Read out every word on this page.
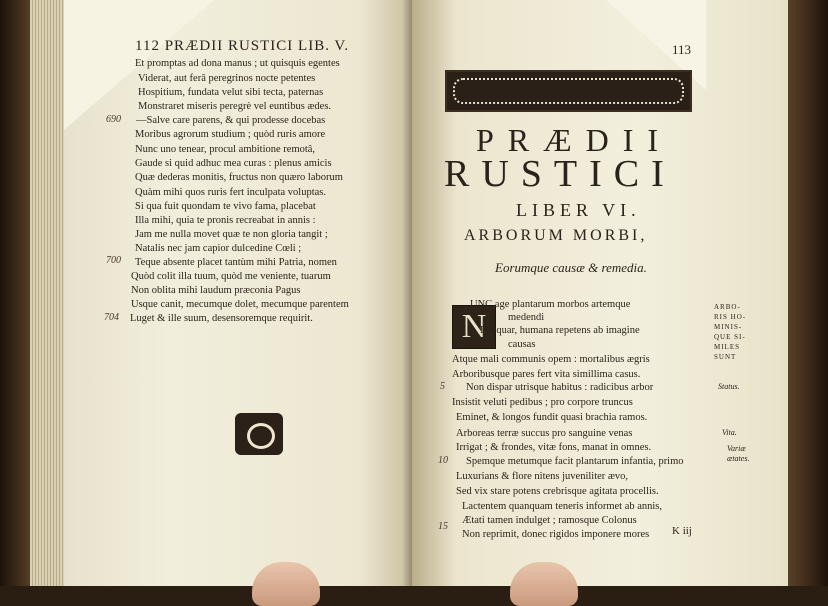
112 PRÆDII RUSTICI LIB. V.
Et promptas ad dona manus ; ut quisquis egentes
Viderat, aut ferâ peregrinos nocte petentes
Hospitium, fundata velut sibi tecta, paternas
Monstraret miseris peregrè vel euntibus ædes.
—Salve care parens, & qui prodesse docebas
Moribus agrorum studium ; quòd ruris amore
Nunc uno tenear, procul ambitione remotâ,
Gaude si quid adhuc mea curas : plenus amicis
Quæ dederas monitis, fructus non quæro laborum
Quàm mihi quos ruris fert inculpata voluptas.
Si qua fuit quondam te vivo fama, placebat
Illa mihi, quia te pronis recreabat in annis :
Jam me nulla movet quæ te non gloria tangit ;
Natalis nec jam capior dulcedine Cœli ;
Teque absente placet tantùm mihi Patria, nomen
Quòd colit illa tuum, quòd me veniente, tuarum
Non oblita mihi laudum præconia Pagus
Usque canit, mecumque dolet, mecumque parentem
Luget & ille suum, desensoremque requirit.
690
700
704
113
PRÆDII
RUSTICI
LIBER VI.
ARBORUM MORBI,
Eorumque causæ & remedia.
N
UNC age plantarum morbos artemque
medendi
Exequar, humana repetens ab imagine
causas
Atque mali communis opem : mortalibus ægris
Arboribusque pares fert vita simillima casus.
Non dispar utrisque habitus : radicibus arbor
Insistit veluti pedibus ; pro corpore truncus
Eminet, & longos fundit quasi brachia ramos.
Arboreas terræ succus pro sanguine venas
Irrigat ; & frondes, vitæ fons, manat in omnes.
Spemque metumque facit plantarum infantia, primo
Luxurians & flore nitens juveniliter ævo,
Sed vix stare potens crebrisque agitata procellis.
Lactentem quanquam teneris informet ab annis,
Ætati tamen indulget ; ramosque Colonus
Non reprimit, donec rigidos imponere mores
5
10
15
ARBO-
RIS HO-
MINIS-
QUE SI-
MILES
SUNT
Status.
Vita.
Variæ
ætates.
K iij
